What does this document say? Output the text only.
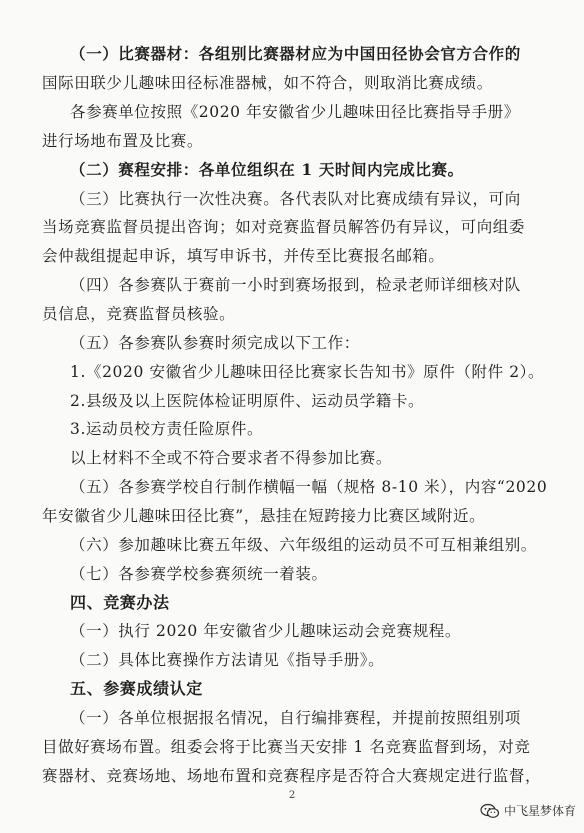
（一）比赛器材：各组别比赛器材应为中国田径协会官方合作的
国际田联少儿趣味田径标准器械，如不符合，则取消比赛成绩。
各参赛单位按照《2020 年安徽省少儿趣味田径比赛指导手册》
进行场地布置及比赛。
（二）赛程安排：各单位组织在 1 天时间内完成比赛。
（三）比赛执行一次性决赛。各代表队对比赛成绩有异议，可向
当场竞赛监督员提出咨询；如对竞赛监督员解答仍有异议，可向组委
会仲裁组提起申诉，填写申诉书，并传至比赛报名邮箱。
（四）各参赛队于赛前一小时到赛场报到，检录老师详细核对队
员信息，竞赛监督员核验。
（五）各参赛队参赛时须完成以下工作：
1.《2020 安徽省少儿趣味田径比赛家长告知书》原件（附件 2）。
2.县级及以上医院体检证明原件、运动员学籍卡。
3.运动员校方责任险原件。
以上材料不全或不符合要求者不得参加比赛。
（五）各参赛学校自行制作横幅一幅（规格 8-10 米），内容“2020
年安徽省少儿趣味田径比赛”，悬挂在短跨接力比赛区域附近。
（六）参加趣味比赛五年级、六年级组的运动员不可互相兼组别。
（七）各参赛学校参赛须统一着装。
四、竞赛办法
（一）执行 2020 年安徽省少儿趣味运动会竞赛规程。
（二）具体比赛操作方法请见《指导手册》。
五、参赛成绩认定
（一）各单位根据报名情况，自行编排赛程，并提前按照组别项
目做好赛场布置。组委会将于比赛当天安排 1 名竞赛监督到场，对竞
赛器材、竞赛场地、场地布置和竞赛程序是否符合大赛规定进行监督，
2
中飞星梦体育
